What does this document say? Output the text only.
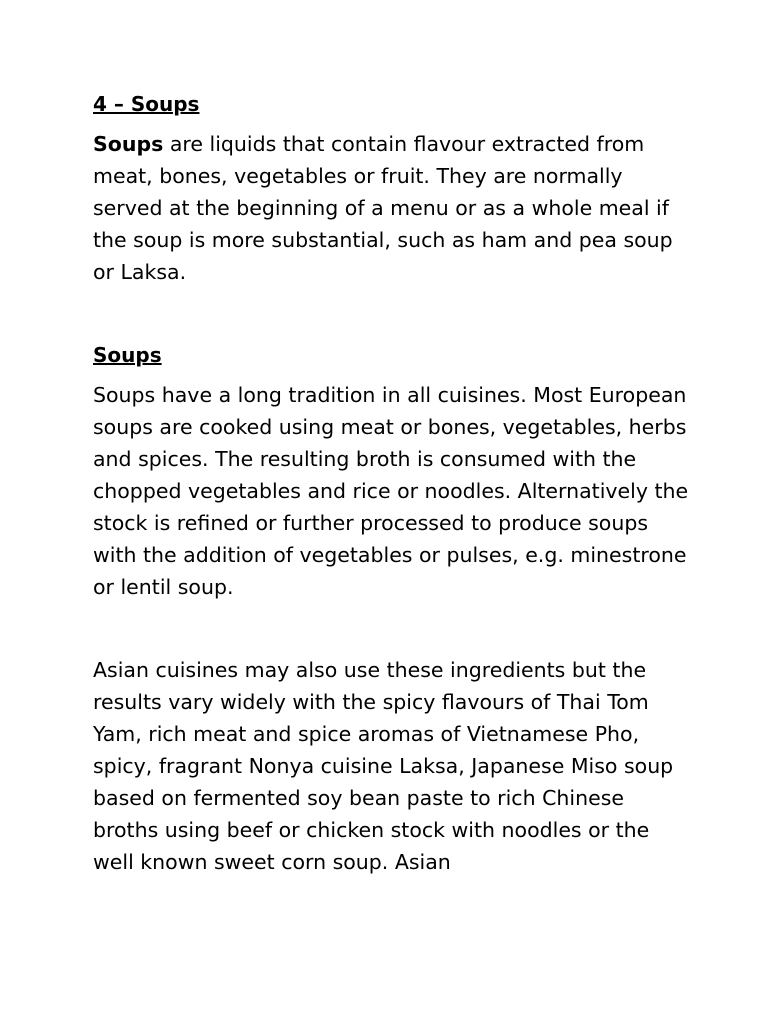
4 – Soups

Soups are liquids that contain flavour extracted from meat, bones, vegetables or fruit. They are normally served at the beginning of a menu or as a whole meal if the soup is more substantial, such as ham and pea soup or Laksa.

Soups

Soups have a long tradition in all cuisines. Most European soups are cooked using meat or bones, vegetables, herbs and spices. The resulting broth is consumed with the chopped vegetables and rice or noodles. Alternatively the stock is refined or further processed to produce soups with the addition of vegetables or pulses, e.g. minestrone or lentil soup.

Asian cuisines may also use these ingredients but the results vary widely with the spicy flavours of Thai Tom Yam, rich meat and spice aromas of Vietnamese Pho, spicy, fragrant Nonya cuisine Laksa, Japanese Miso soup based on fermented soy bean paste to rich Chinese broths using beef or chicken stock with noodles or the well known sweet corn soup. Asian
